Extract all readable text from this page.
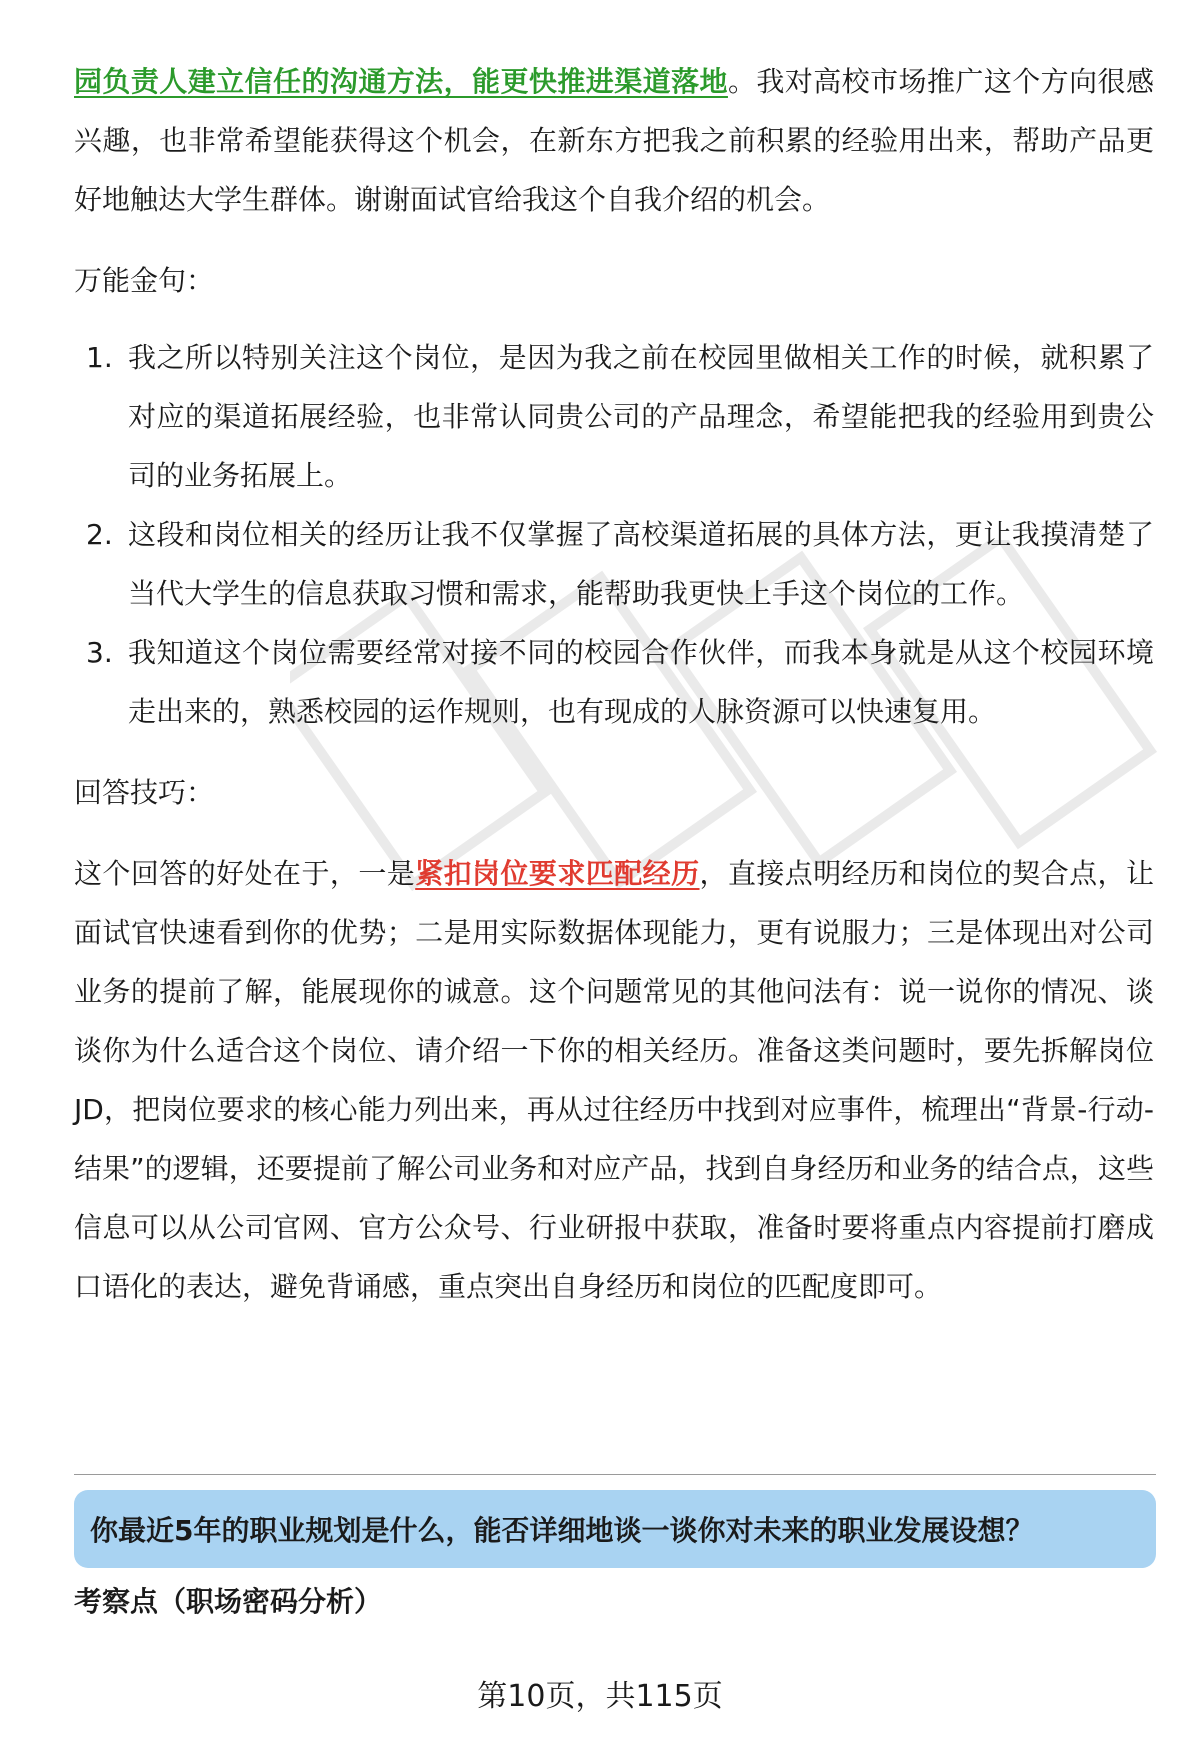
园负责人建立信任的沟通方法，能更快推进渠道落地。我对高校市场推广这个方向很感兴趣，也非常希望能获得这个机会，在新东方把我之前积累的经验用出来，帮助产品更好地触达大学生群体。谢谢面试官给我这个自我介绍的机会。

万能金句：

1. 我之所以特别关注这个岗位，是因为我之前在校园里做相关工作的时候，就积累了对应的渠道拓展经验，也非常认同贵公司的产品理念，希望能把我的经验用到贵公司的业务拓展上。
2. 这段和岗位相关的经历让我不仅掌握了高校渠道拓展的具体方法，更让我摸清楚了当代大学生的信息获取习惯和需求，能帮助我更快上手这个岗位的工作。
3. 我知道这个岗位需要经常对接不同的校园合作伙伴，而我本身就是从这个校园环境走出来的，熟悉校园的运作规则，也有现成的人脉资源可以快速复用。

回答技巧：

这个回答的好处在于，一是紧扣岗位要求匹配经历，直接点明经历和岗位的契合点，让面试官快速看到你的优势；二是用实际数据体现能力，更有说服力；三是体现出对公司业务的提前了解，能展现你的诚意。这个问题常见的其他问法有：说一说你的情况、谈谈你为什么适合这个岗位、请介绍一下你的相关经历。准备这类问题时，要先拆解岗位JD，把岗位要求的核心能力列出来，再从过往经历中找到对应事件，梳理出“背景-行动-结果”的逻辑，还要提前了解公司业务和对应产品，找到自身经历和业务的结合点，这些信息可以从公司官网、官方公众号、行业研报中获取，准备时要将重点内容提前打磨成口语化的表达，避免背诵感，重点突出自身经历和岗位的匹配度即可。

你最近5年的职业规划是什么，能否详细地谈一谈你对未来的职业发展设想？
考察点（职场密码分析）
第10页，共115页
